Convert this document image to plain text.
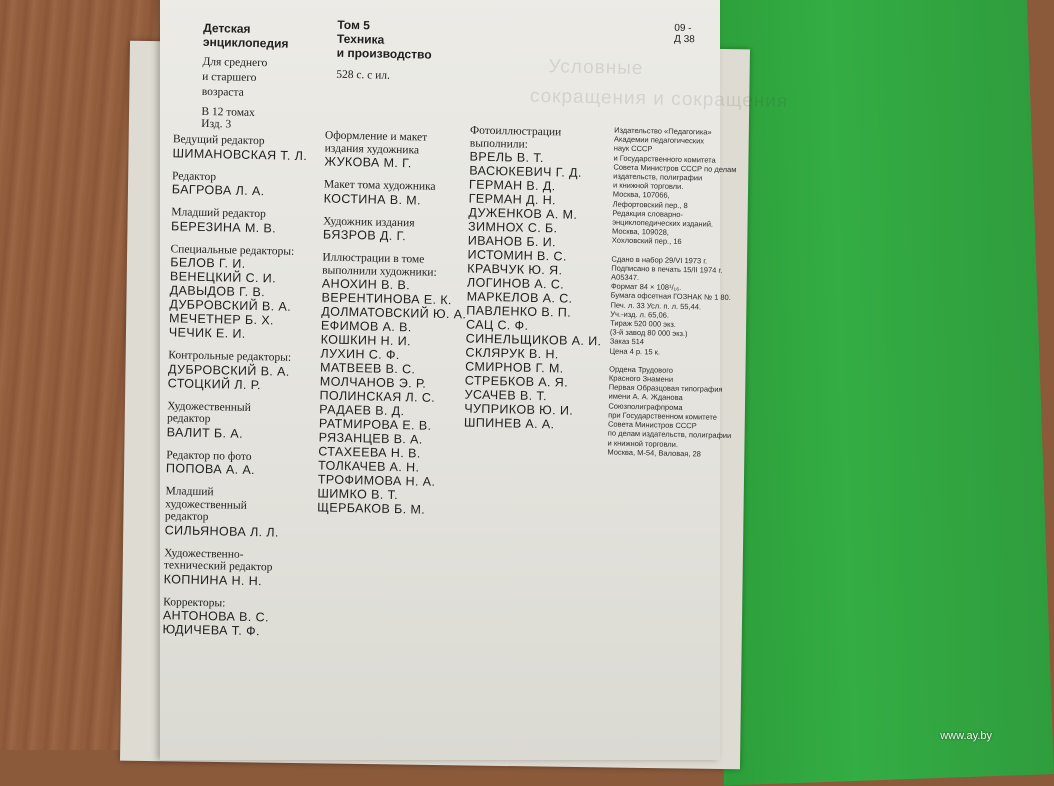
Условные
сокращения и сокращения
Детская
энциклопедия
Для среднего
и старшего
возраста
В 12 томах
Изд. 3
Том 5
Техника
и производство
528 с. с ил.
09 -
Д 38
Ведущий редактор
ШИМАНОВСКАЯ Т. Л.
Редактор
БАГРОВА Л. А.
Младший редактор
БЕРЕЗИНА М. В.
Специальные редакторы:
БЕЛОВ Г. И.
ВЕНЕЦКИЙ С. И.
ДАВЫДОВ Г. В.
ДУБРОВСКИЙ В. А.
МЕЧЕТНЕР Б. Х.
ЧЕЧИК Е. И.
Контрольные редакторы:
ДУБРОВСКИЙ В. А.
СТОЦКИЙ Л. Р.
Художественный
редактор
ВАЛИТ Б. А.
Редактор по фото
ПОПОВА А. А.
Младший
художественный
редактор
СИЛЬЯНОВА Л. Л.
Художественно-
технический редактор
КОПНИНА Н. Н.
Корректоры:
АНТОНОВА В. С.
ЮДИЧЕВА Т. Ф.
Оформление и макет
издания художника
ЖУКОВА М. Г.
Макет тома художника
КОСТИНА В. М.
Художник издания
БЯЗРОВ Д. Г.
Иллюстрации в томе
выполнили художники:
АНОХИН В. В.
ВЕРЕНТИНОВА Е. К.
ДОЛМАТОВСКИЙ Ю. А.
ЕФИМОВ А. В.
КОШКИН Н. И.
ЛУХИН С. Ф.
МАТВЕЕВ В. С.
МОЛЧАНОВ Э. Р.
ПОЛИНСКАЯ Л. С.
РАДАЕВ В. Д.
РАТМИРОВА Е. В.
РЯЗАНЦЕВ В. А.
СТАХЕЕВА Н. В.
ТОЛКАЧЕВ А. Н.
ТРОФИМОВА Н. А.
ШИМКО В. Т.
ЩЕРБАКОВ Б. М.
Фотоиллюстрации
выполнили:
ВРЕЛЬ В. Т.
ВАСЮКЕВИЧ Г. Д.
ГЕРМАН В. Д.
ГЕРМАН Д. Н.
ДУЖЕНКОВ А. М.
ЗИМНОХ С. Б.
ИВАНОВ Б. И.
ИСТОМИН В. С.
КРАВЧУК Ю. Я.
ЛОГИНОВ А. С.
МАРКЕЛОВ А. С.
ПАВЛЕНКО В. П.
САЦ С. Ф.
СИНЕЛЬЩИКОВ А. И.
СКЛЯРУК В. Н.
СМИРНОВ Г. М.
СТРЕБКОВ А. Я.
УСАЧЕВ В. Т.
ЧУПРИКОВ Ю. И.
ШПИНЕВ А. А.
Издательство «Педагогика»
Академии педагогических
наук СССР
и Государственного комитета
Совета Министров СССР по делам
издательств, полиграфии
и книжной торговли.
Москва, 107066,
Лефортовский пер., 8
Редакция словарно-
энциклопедических изданий.
Москва, 109028,
Хохловский пер., 16
Сдано в набор 29/VI 1973 г.
Подписано в печать 15/II 1974 г.
А05347.
Формат 84 × 108¹/₁₆.
Бумага офсетная ГОЗНАК № 1 80.
Печ. л. 33 Усл. п. л. 55,44.
Уч.-изд. л. 65,06.
Тираж 520 000 экз.
(3-й завод 80 000 экз.)
Заказ 514
Цена 4 р. 15 к.
Ордена Трудового
Красного Знамени
Первая Образцовая типография
имени А. А. Жданова
Союзполиграфпрома
при Государственном комитете
Совета Министров СССР
по делам издательств, полиграфии
и книжной торговли.
Москва, М-54, Валовая, 28
www.ay.by
